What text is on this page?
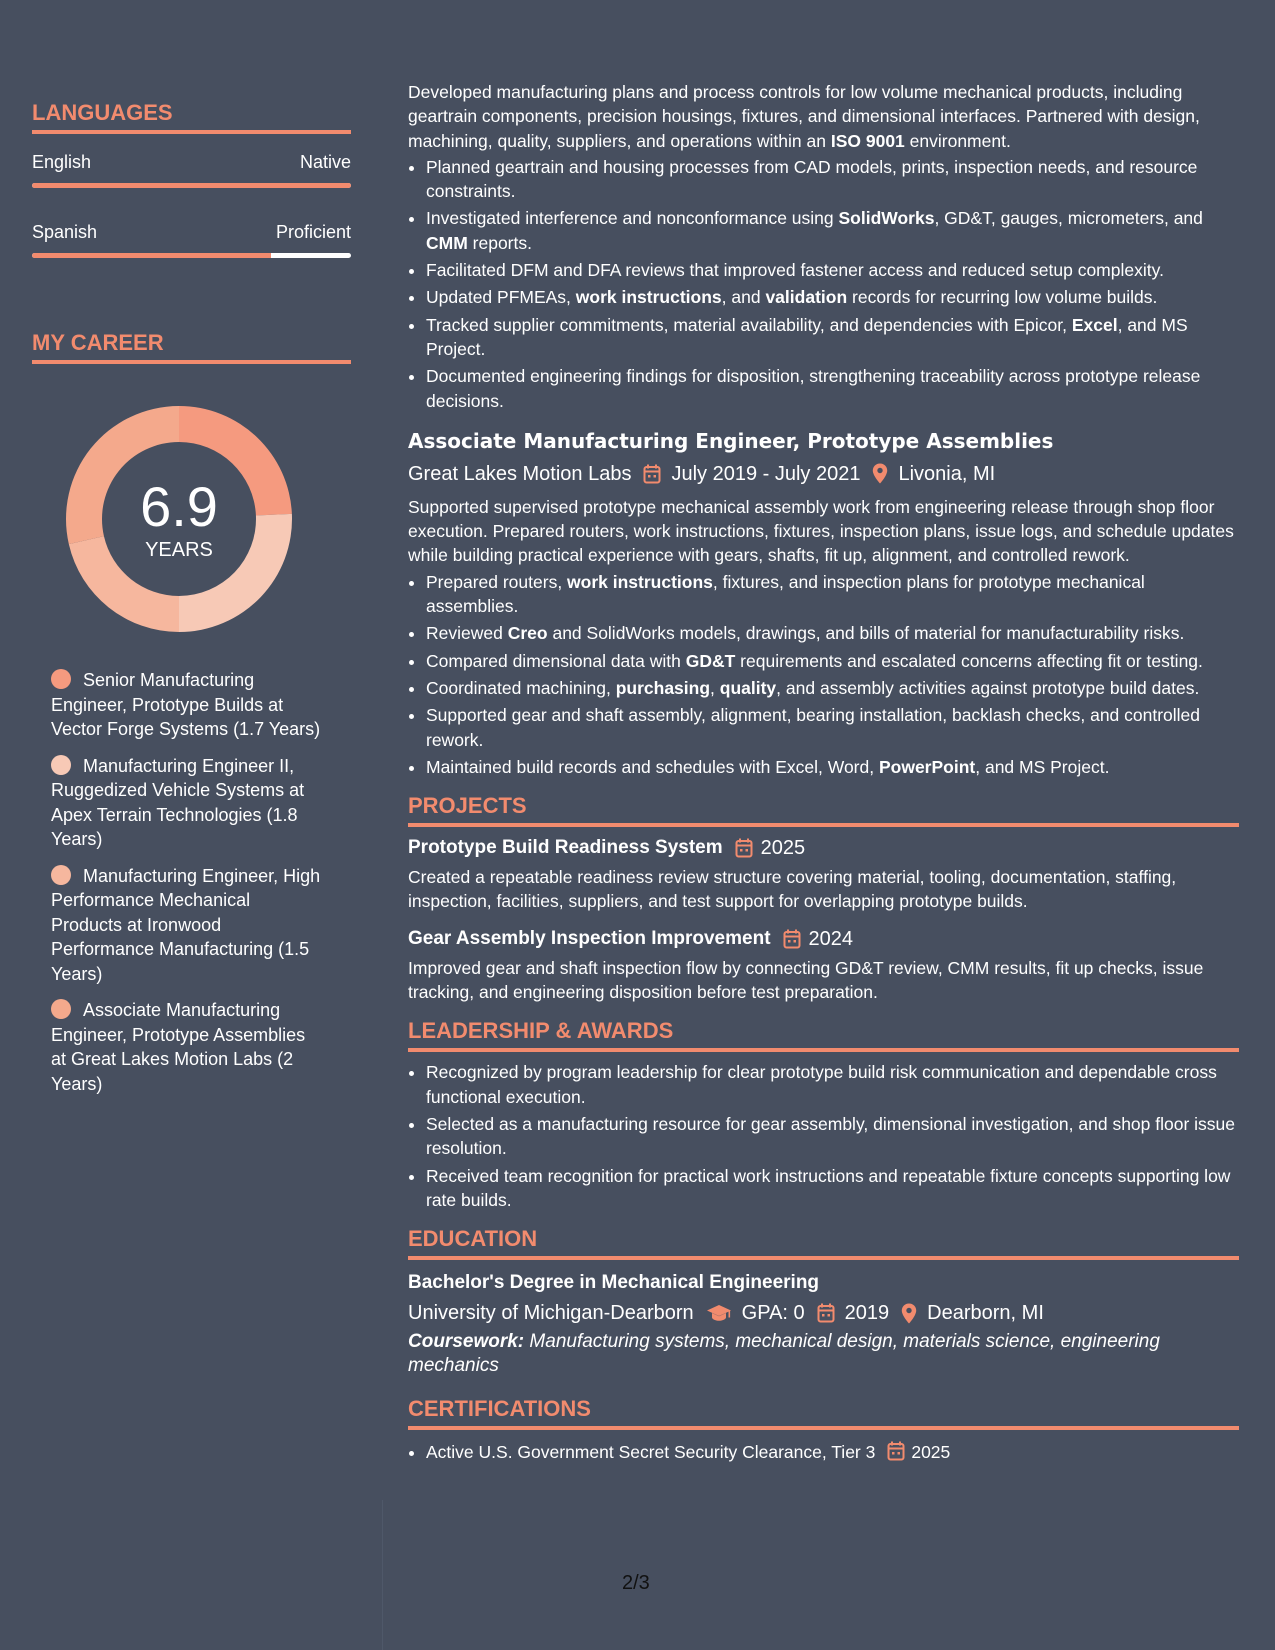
LANGUAGES
English	Native
Spanish	Proficient
MY CAREER
6.9
YEARS
Senior Manufacturing Engineer, Prototype Builds at Vector Forge Systems (1.7 Years)
Manufacturing Engineer II, Ruggedized Vehicle Systems at Apex Terrain Technologies (1.8 Years)
Manufacturing Engineer, High Performance Mechanical Products at Ironwood Performance Manufacturing (1.5 Years)
Associate Manufacturing Engineer, Prototype Assemblies at Great Lakes Motion Labs (2 Years)

Developed manufacturing plans and process controls for low volume mechanical products, including geartrain components, precision housings, fixtures, and dimensional interfaces. Partnered with design, machining, quality, suppliers, and operations within an ISO 9001 environment.

• Planned geartrain and housing processes from CAD models, prints, inspection needs, and resource constraints.
• Investigated interference and nonconformance using SolidWorks, GD&T, gauges, micrometers, and CMM reports.
• Facilitated DFM and DFA reviews that improved fastener access and reduced setup complexity.
• Updated PFMEAs, work instructions, and validation records for recurring low volume builds.
• Tracked supplier commitments, material availability, and dependencies with Epicor, Excel, and MS Project.
• Documented engineering findings for disposition, strengthening traceability across prototype release decisions.
Associate Manufacturing Engineer, Prototype Assemblies
Great Lakes Motion Labs July 2019 - July 2021 Livonia, MI

Supported supervised prototype mechanical assembly work from engineering release through shop floor execution. Prepared routers, work instructions, fixtures, inspection plans, issue logs, and schedule updates while building practical experience with gears, shafts, fit up, alignment, and controlled rework.

• Prepared routers, work instructions, fixtures, and inspection plans for prototype mechanical assemblies.
• Reviewed Creo and SolidWorks models, drawings, and bills of material for manufacturability risks.
• Compared dimensional data with GD&T requirements and escalated concerns affecting fit or testing.
• Coordinated machining, purchasing, quality, and assembly activities against prototype build dates.
• Supported gear and shaft assembly, alignment, bearing installation, backlash checks, and controlled rework.
• Maintained build records and schedules with Excel, Word, PowerPoint, and MS Project.
PROJECTS
Prototype Build Readiness System 2025

Created a repeatable readiness review structure covering material, tooling, documentation, staffing, inspection, facilities, suppliers, and test support for overlapping prototype builds.

Gear Assembly Inspection Improvement 2024

Improved gear and shaft inspection flow by connecting GD&T review, CMM results, fit up checks, issue tracking, and engineering disposition before test preparation.

LEADERSHIP & AWARDS
• Recognized by program leadership for clear prototype build risk communication and dependable cross functional execution.
• Selected as a manufacturing resource for gear assembly, dimensional investigation, and shop floor issue resolution.
• Received team recognition for practical work instructions and repeatable fixture concepts supporting low rate builds.
EDUCATION
Bachelor's Degree in Mechanical Engineering
University of Michigan-Dearborn GPA: 0 2019 Dearborn, MI

Coursework: Manufacturing systems, mechanical design, materials science, engineering mechanics

CERTIFICATIONS
• Active U.S. Government Secret Security Clearance, Tier 3 2025
2/3
